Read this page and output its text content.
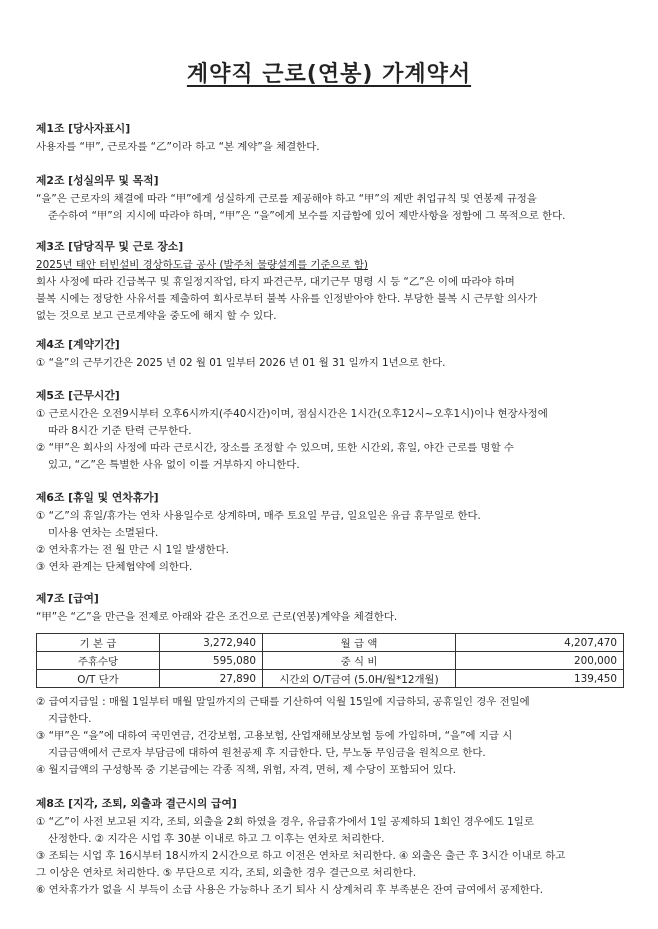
계약직 근로(연봉) 가계약서
제1조 [당사자표시]

사용자를 “甲”, 근로자를 “乙”이라 하고 “본 계약”을 체결한다.

제2조 [성실의무 및 목적]

“을”은 근로자의 채결에 따라 “甲”에게 성실하게 근로를 제공해야 하고 “甲”의 제반 취업규칙 및 연봉제 규정을

준수하여 “甲”의 지시에 따라야 하며, “甲”은 “을”에게 보수를 지급함에 있어 제반사항을 정함에 그 목적으로 한다.

제3조 [담당직무 및 근로 장소]

2025년 태안 터빈설비 경상하도급 공사 (발주처 물량설계를 기준으로 함)

회사 사정에 따라 긴급복구 및 휴일정지작업, 타지 파견근무, 대기근무 명령 시 등 “乙”은 이에 따라야 하며

불복 시에는 정당한 사유서를 제출하여 회사로부터 불복 사유를 인정받아야 한다. 부당한 불복 시 근무할 의사가

없는 것으로 보고 근로계약을 중도에 해지 할 수 있다.

제4조 [계약기간]

① “을”의 근무기간은 2025 년 02 월 01 일부터 2026 년 01 월 31 일까지 1년으로 한다.

제5조 [근무시간]

① 근로시간은 오전9시부터 오후6시까지(주40시간)이며, 점심시간은 1시간(오후12시~오후1시)이나 현장사정에

따라 8시간 기준 탄력 근무한다.

② “甲”은 회사의 사정에 따라 근로시간, 장소를 조정할 수 있으며, 또한 시간외, 휴일, 야간 근로를 명할 수

있고, “乙”은 특별한 사유 없이 이를 거부하지 아니한다.

제6조 [휴일 및 연차휴가]

① “乙”의 휴일/휴가는 연차 사용일수로 상계하며, 매주 토요일 무급, 일요일은 유급 휴무일로 한다.

미사용 연차는 소멸된다.

② 연차휴가는 전 월 만근 시 1일 발생한다.

③ 연차 관계는 단체협약에 의한다.

제7조 [급여]

“甲”은 “乙”을 만근을 전제로 아래와 같은 조건으로 근로(연봉)계약을 체결한다.

기 본 급	3,272,940	월 급 액	4,207,470
주휴수당	595,080	중 식 비	200,000
O/T 단가	27,890	시간외 O/T금여 (5.0H/월*12개월)	139,450

② 급여지급일 : 매월 1일부터 매월 말일까지의 근태를 기산하여 익월 15일에 지급하되, 공휴일인 경우 전일에

지급한다.

③ “甲”은 “을”에 대하여 국민연금, 건강보험, 고용보험, 산업재해보상보험 등에 가입하며, “을”에 지급 시

지급금액에서 근로자 부담금에 대하여 원천공제 후 지급한다. 단, 무노동 무임금을 원칙으로 한다.

④ 월지급액의 구성항목 중 기본급에는 각종 직책, 위험, 자격, 면허, 제 수당이 포함되어 있다.

제8조 [지각, 조퇴, 외출과 결근시의 급여]

① “乙”이 사전 보고된 지각, 조퇴, 외출을 2회 하였을 경우, 유급휴가에서 1일 공제하되 1회인 경우에도 1일로

산정한다. ② 지각은 시업 후 30분 이내로 하고 그 이후는 연차로 처리한다.

③ 조퇴는 시업 후 16시부터 18시까지 2시간으로 하고 이전은 연차로 처리한다. ④ 외출은 출근 후 3시간 이내로 하고

그 이상은 연차로 처리한다. ⑤ 무단으로 지각, 조퇴, 외출한 경우 결근으로 처리한다.

⑥ 연차휴가가 없을 시 부득이 소급 사용은 가능하나 조기 퇴사 시 상계처리 후 부족분은 잔여 급여에서 공제한다.
